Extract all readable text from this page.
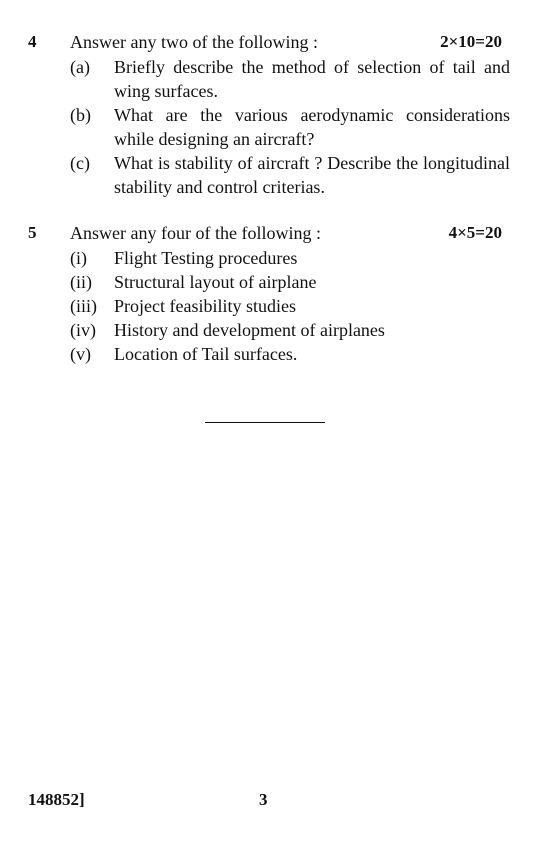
4 Answer any two of the following :	2×10=20
(a) Briefly describe the method of selection of tail and wing surfaces.
(b) What are the various aerodynamic considerations while designing an aircraft?
(c) What is stability of aircraft ? Describe the longitudinal stability and control criterias.
5 Answer any four of the following :	4×5=20
(i) Flight Testing procedures
(ii) Structural layout of airplane
(iii) Project feasibility studies
(iv) History and development of airplanes
(v) Location of Tail surfaces.
148852]	3
